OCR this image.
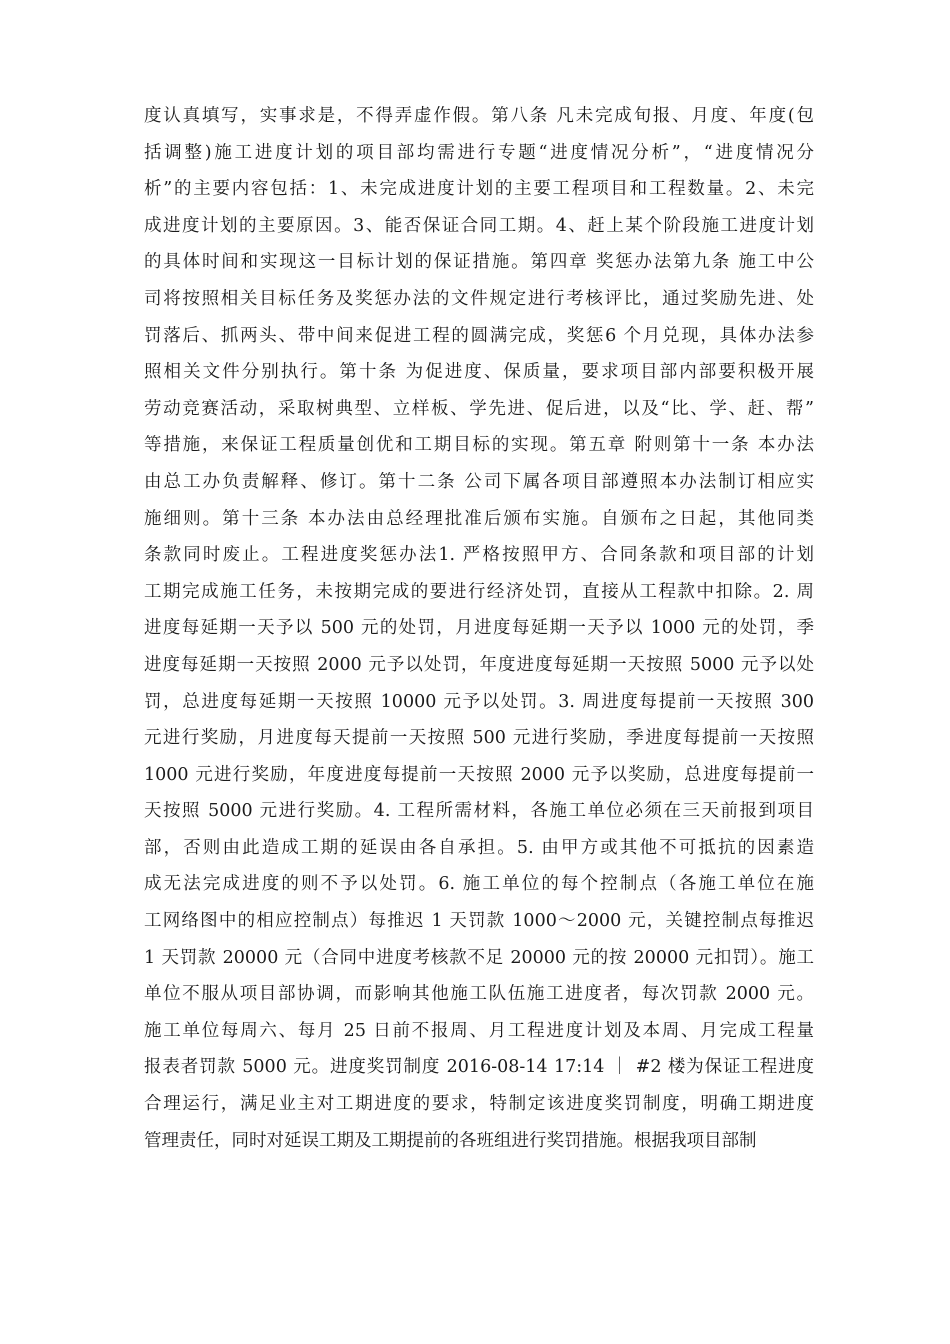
度认真填写，实事求是，不得弄虚作假。第八条 凡未完成旬报、月度、年度(包
括调整)施工进度计划的项目部均需进行专题“进度情况分析”，“进度情况分
析”的主要内容包括：1、未完成进度计划的主要工程项目和工程数量。2、未完
成进度计划的主要原因。3、能否保证合同工期。4、赶上某个阶段施工进度计划
的具体时间和实现这一目标计划的保证措施。第四章 奖惩办法第九条 施工中公
司将按照相关目标任务及奖惩办法的文件规定进行考核评比，通过奖励先进、处
罚落后、抓两头、带中间来促进工程的圆满完成，奖惩6 个月兑现，具体办法参
照相关文件分别执行。第十条 为促进度、保质量，要求项目部内部要积极开展
劳动竞赛活动，采取树典型、立样板、学先进、促后进，以及“比、学、赶、帮”
等措施，来保证工程质量创优和工期目标的实现。第五章 附则第十一条 本办法
由总工办负责解释、修订。第十二条 公司下属各项目部遵照本办法制订相应实
施细则。第十三条 本办法由总经理批准后颁布实施。自颁布之日起，其他同类
条款同时废止。工程进度奖惩办法1. 严格按照甲方、合同条款和项目部的计划
工期完成施工任务，未按期完成的要进行经济处罚，直接从工程款中扣除。2. 周
进度每延期一天予以 500 元的处罚，月进度每延期一天予以 1000 元的处罚，季
进度每延期一天按照 2000 元予以处罚，年度进度每延期一天按照 5000 元予以处
罚，总进度每延期一天按照 10000 元予以处罚。3. 周进度每提前一天按照 300
元进行奖励，月进度每天提前一天按照 500 元进行奖励，季进度每提前一天按照
1000 元进行奖励，年度进度每提前一天按照 2000 元予以奖励，总进度每提前一
天按照 5000 元进行奖励。4. 工程所需材料，各施工单位必须在三天前报到项目
部，否则由此造成工期的延误由各自承担。5. 由甲方或其他不可抵抗的因素造
成无法完成进度的则不予以处罚。6. 施工单位的每个控制点（各施工单位在施
工网络图中的相应控制点）每推迟 1 天罚款 1000～2000 元，关键控制点每推迟
1 天罚款 20000 元（合同中进度考核款不足 20000 元的按 20000 元扣罚）。施工
单位不服从项目部协调，而影响其他施工队伍施工进度者，每次罚款 2000 元。
施工单位每周六、每月 25 日前不报周、月工程进度计划及本周、月完成工程量
报表者罚款 5000 元。进度奖罚制度 2016-08-14 17:14 ｜ #2 楼为保证工程进度
合理运行，满足业主对工期进度的要求，特制定该进度奖罚制度，明确工期进度
管理责任，同时对延误工期及工期提前的各班组进行奖罚措施。根据我项目部制
